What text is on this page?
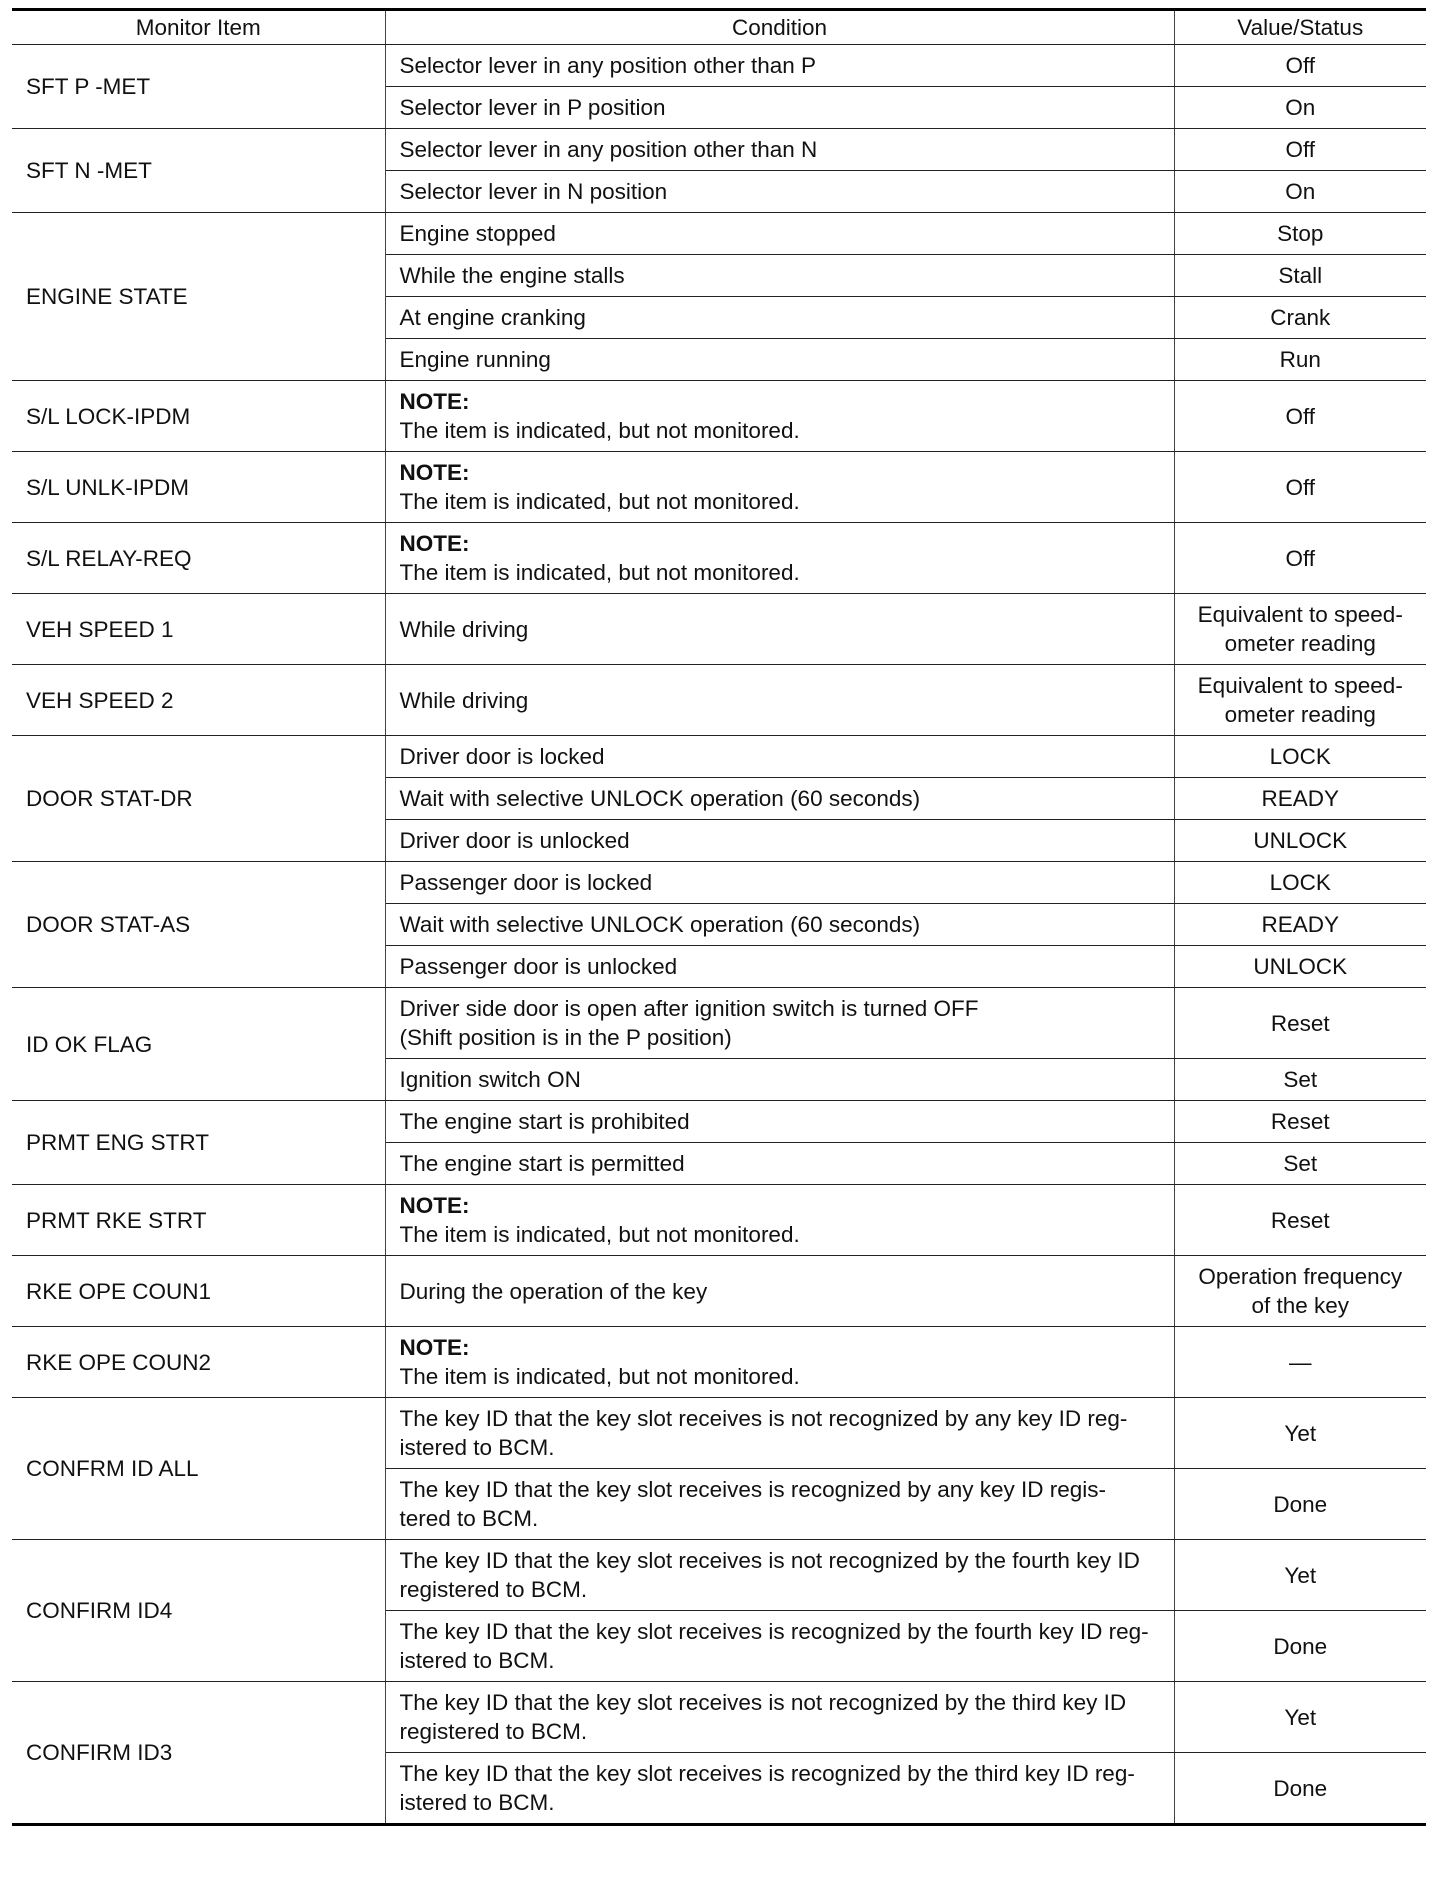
Monitor Item	Condition	Value/Status
SFT P -MET	Selector lever in any position other than P	Off
	Selector lever in P position	On
SFT N -MET	Selector lever in any position other than N	Off
	Selector lever in N position	On
ENGINE STATE	Engine stopped	Stop
	While the engine stalls	Stall
	At engine cranking	Crank
	Engine running	Run
S/L LOCK-IPDM	NOTE:
The item is indicated, but not monitored.	Off
S/L UNLK-IPDM	NOTE:
The item is indicated, but not monitored.	Off
S/L RELAY-REQ	NOTE:
The item is indicated, but not monitored.	Off
VEH SPEED 1	While driving	Equivalent to speed-
ometer reading
VEH SPEED 2	While driving	Equivalent to speed-
ometer reading
DOOR STAT-DR	Driver door is locked	LOCK
	Wait with selective UNLOCK operation (60 seconds)	READY
	Driver door is unlocked	UNLOCK
DOOR STAT-AS	Passenger door is locked	LOCK
	Wait with selective UNLOCK operation (60 seconds)	READY
	Passenger door is unlocked	UNLOCK
ID OK FLAG	Driver side door is open after ignition switch is turned OFF
(Shift position is in the P position)	Reset
	Ignition switch ON	Set
PRMT ENG STRT	The engine start is prohibited	Reset
	The engine start is permitted	Set
PRMT RKE STRT	NOTE:
The item is indicated, but not monitored.	Reset
RKE OPE COUN1	During the operation of the key	Operation frequency
of the key
RKE OPE COUN2	NOTE:
The item is indicated, but not monitored.	—
CONFRM ID ALL	The key ID that the key slot receives is not recognized by any key ID reg-
istered to BCM.	Yet
	The key ID that the key slot receives is recognized by any key ID regis-
tered to BCM.	Done
CONFIRM ID4	The key ID that the key slot receives is not recognized by the fourth key ID
registered to BCM.	Yet
	The key ID that the key slot receives is recognized by the fourth key ID reg-
istered to BCM.	Done
CONFIRM ID3	The key ID that the key slot receives is not recognized by the third key ID
registered to BCM.	Yet
	The key ID that the key slot receives is recognized by the third key ID reg-
istered to BCM.	Done
